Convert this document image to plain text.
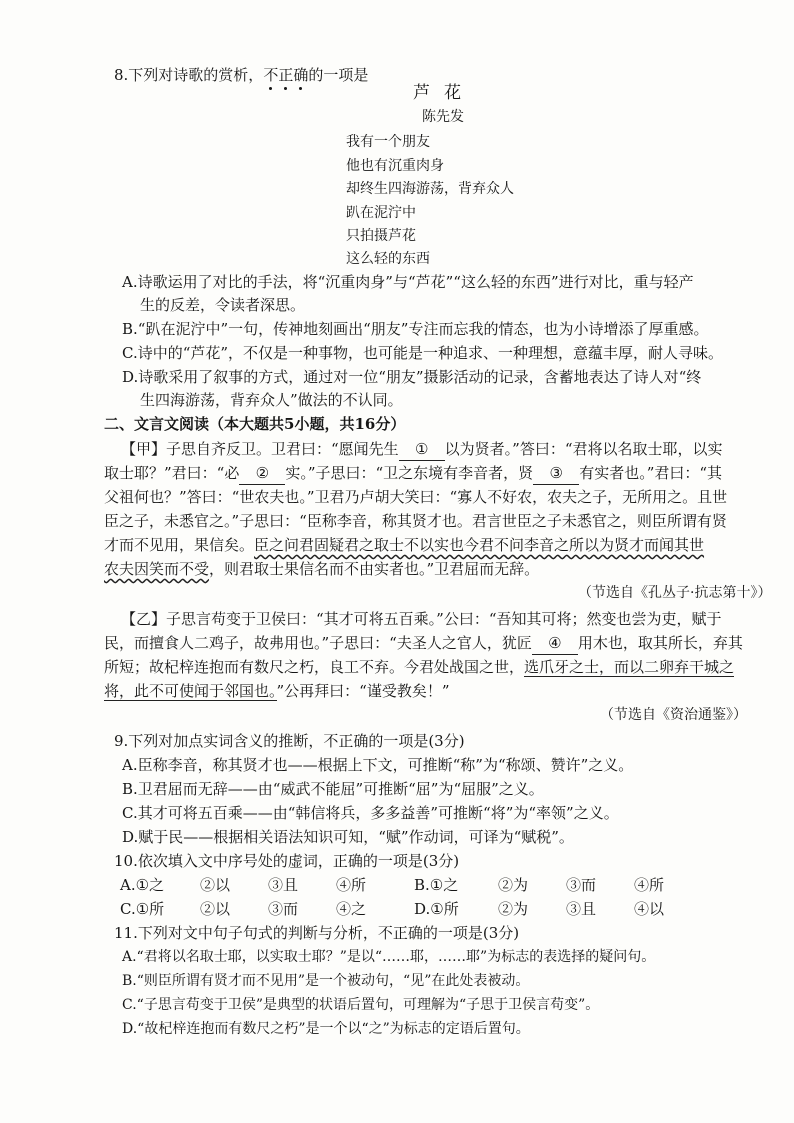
8.下列对诗歌的赏析，不正确的一项是
芦花
陈先发
我有一个朋友
他也有沉重肉身
却终生四海游荡，背弃众人
趴在泥泞中
只拍摄芦花
这么轻的东西
A.诗歌运用了对比的手法，将“沉重肉身”与“芦花”“这么轻的东西”进行对比，重与轻产
生的反差，令读者深思。
B.“趴在泥泞中”一句，传神地刻画出“朋友”专注而忘我的情态，也为小诗增添了厚重感。
C.诗中的“芦花”，不仅是一种事物，也可能是一种追求、一种理想，意蕴丰厚，耐人寻味。
D.诗歌采用了叙事的方式，通过对一位“朋友”摄影活动的记录，含蓄地表达了诗人对“终
生四海游荡，背弃众人”做法的不认同。
二、文言文阅读（本大题共5小题，共16分）
【甲】子思自齐反卫。卫君曰：“愿闻先生 ① 以为贤者。”答曰：“君将以名取士耶，以实
取士耶？”君曰：“必 ② 实。”子思曰：“卫之东境有李音者，贤 ③ 有实者也。”君曰：“其
父祖何也？”答曰：“世农夫也。”卫君乃卢胡大笑曰：“寡人不好农，农夫之子，无所用之。且世
臣之子，未悉官之。”子思曰：“臣称李音，称其贤才也。君言世臣之子未悉官之，则臣所谓有贤
才而不见用，果信矣。臣之问君固疑君之取士不以实也今君不问李音之所以为贤才而闻其世
农夫因笑而不受，则君取士果信名而不由实者也。”卫君屈而无辞。
（节选自《孔丛子·抗志第十》）
【乙】子思言苟变于卫侯曰：“其才可将五百乘。”公曰：“吾知其可将；然变也尝为吏，赋于
民，而擅食人二鸡子，故弗用也。”子思曰：“夫圣人之官人，犹匠 ④ 用木也，取其所长，弃其
所短；故杞梓连抱而有数尺之朽，良工不弃。今君处战国之世，选爪牙之士，而以二卵弃干城之
将，此不可使闻于邻国也。”公再拜曰：“谨受教矣！”
（节选自《资治通鉴》）
9.下列对加点实词含义的推断，不正确的一项是(3分)
A.臣称李音，称其贤才也——根据上下文，可推断“称”为“称颂、赞许”之义。
B.卫君屈而无辞——由“威武不能屈”可推断“屈”为“屈服”之义。
C.其才可将五百乘——由“韩信将兵，多多益善”可推断“将”为“率领”之义。
D.赋于民——根据相关语法知识可知，“赋”作动词，可译为“赋税”。
10.依次填入文中序号处的虚词，正确的一项是(3分)
A.①之 ②以	③且	④所	B.①之	②为	③而	④所
C.①所 ②以	③而	④之	D.①所	②为	③且	④以
11.下列对文中句子句式的判断与分析，不正确的一项是(3分)
A.“君将以名取士耶，以实取士耶？”是以“……耶，……耶”为标志的表选择的疑问句。
B.“则臣所谓有贤才而不见用”是一个被动句，“见”在此处表被动。
C.“子思言苟变于卫侯”是典型的状语后置句，可理解为“子思于卫侯言苟变”。
D.“故杞梓连抱而有数尺之朽”是一个以“之”为标志的定语后置句。
